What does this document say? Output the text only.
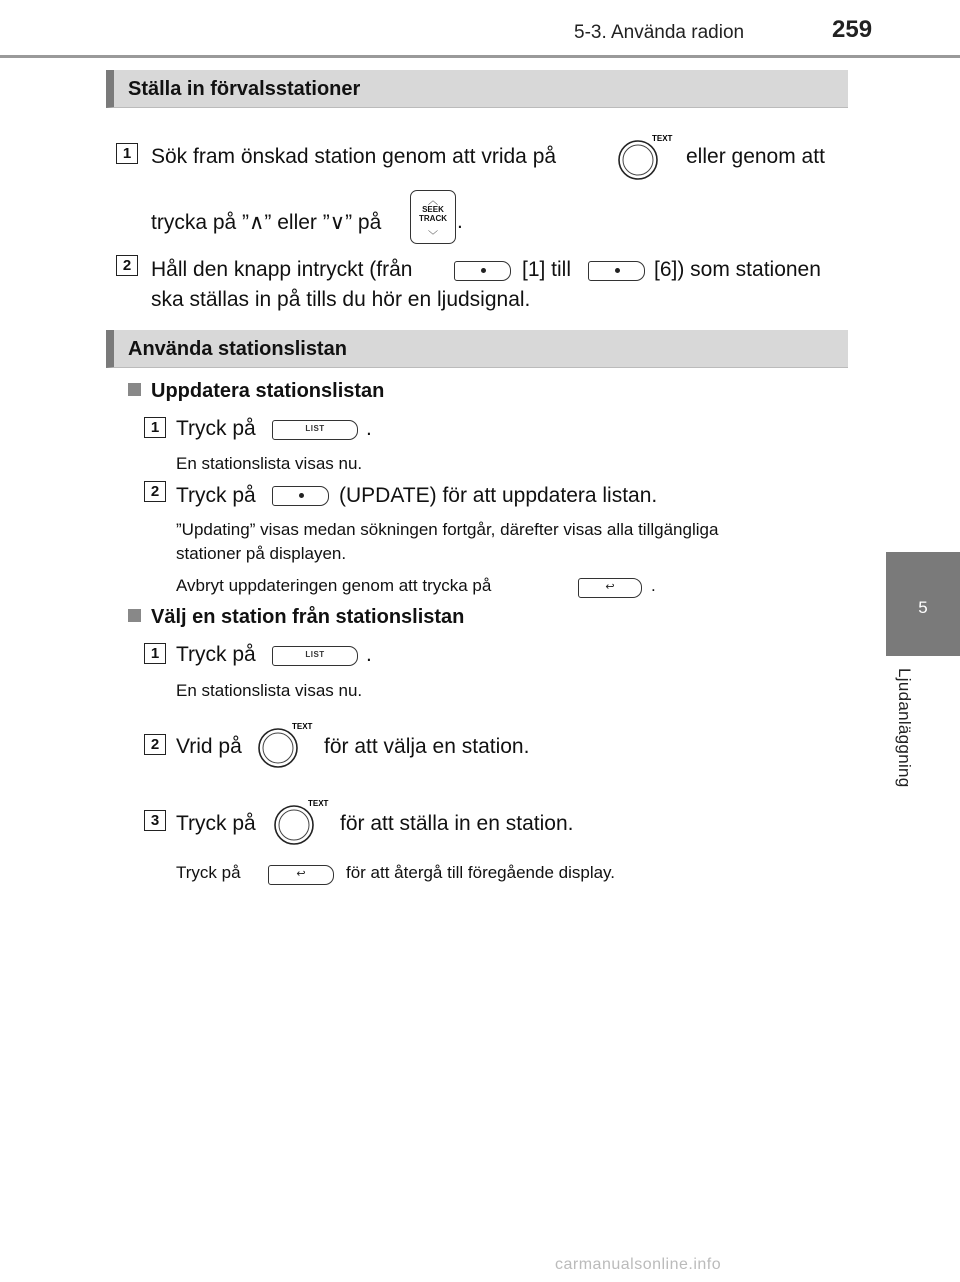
5-3. Använda radion	259
5
Ljudanläggning
Ställa in förvalsstationer
1 Sök fram önskad station genom att vrida på
TEXT
eller genom att
trycka på ”∧” eller ”∨” på
︿
SEEK
TRACK
﹀
.
2 Håll den knapp intryckt (från	[1] till	[6]) som stationen
ska ställas in på tills du hör en ljudsignal.
Använda stationslistan
Uppdatera stationslistan
1 Tryck på	LIST	.
En stationslista visas nu.
2 Tryck på	(UPDATE) för att uppdatera listan.
”Updating” visas medan sökningen fortgår, därefter visas alla tillgängliga
stationer på displayen.
Avbryt uppdateringen genom att trycka på	↩	.
Välj en station från stationslistan
1 Tryck på	LIST	.
En stationslista visas nu.
2 Vrid på
TEXT
för att välja en station.
3 Tryck på
TEXT
för att ställa in en station.
Tryck på	↩	för att återgå till föregående display.
carmanualsonline.info
